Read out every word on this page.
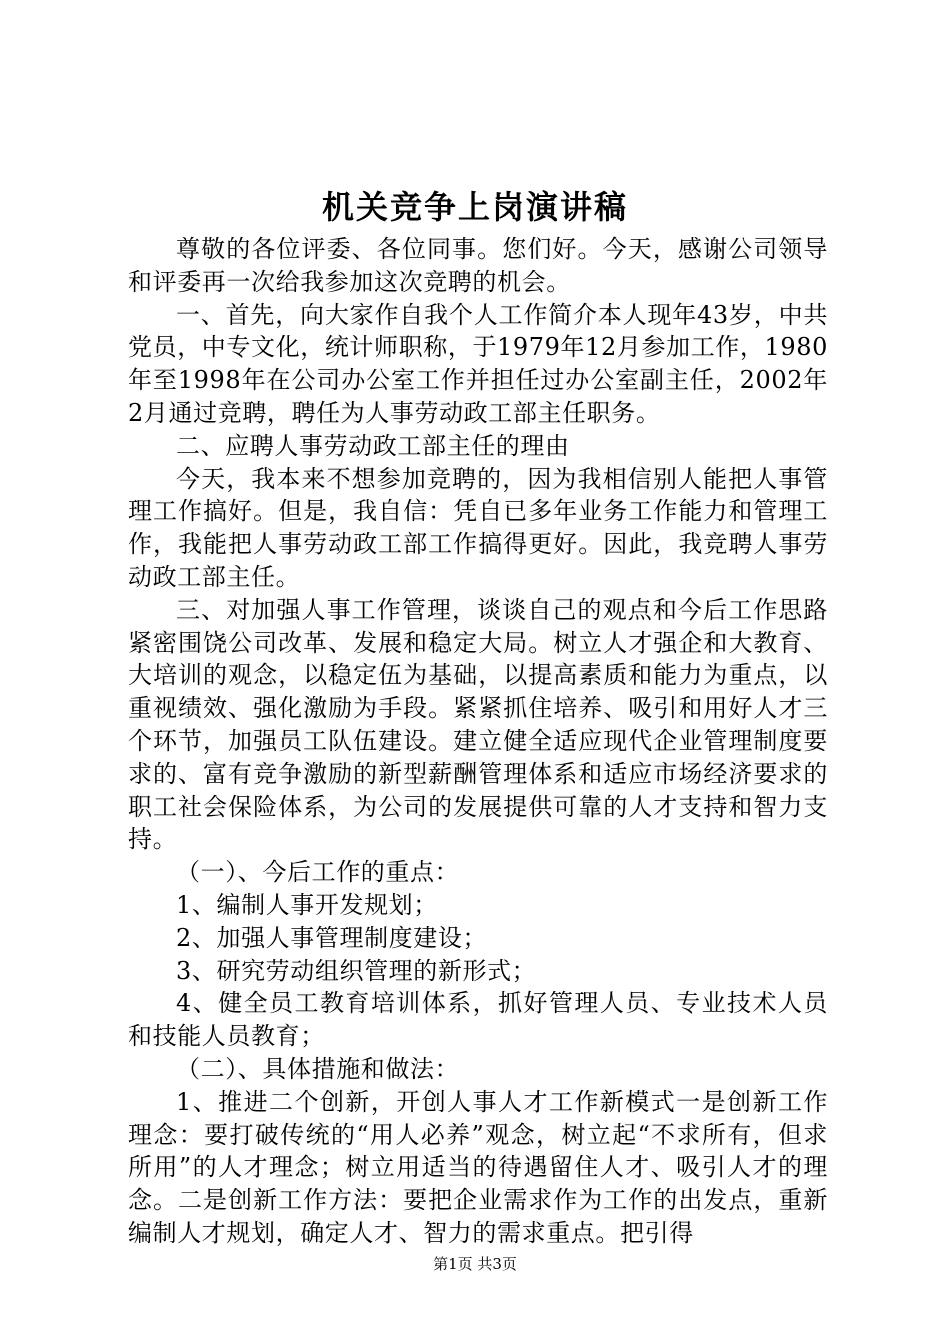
机关竞争上岗演讲稿

尊敬的各位评委、各位同事。您们好。今天，感谢公司领导和评委再一次给我参加这次竞聘的机会。

一、首先，向大家作自我个人工作简介本人现年43岁，中共党员，中专文化，统计师职称，于1979年12月参加工作，1980年至1998年在公司办公室工作并担任过办公室副主任，2002年2月通过竞聘，聘任为人事劳动政工部主任职务。

二、应聘人事劳动政工部主任的理由

今天，我本来不想参加竞聘的，因为我相信别人能把人事管理工作搞好。但是，我自信：凭自已多年业务工作能力和管理工作，我能把人事劳动政工部工作搞得更好。因此，我竞聘人事劳动政工部主任。

三、对加强人事工作管理，谈谈自己的观点和今后工作思路紧密围饶公司改革、发展和稳定大局。树立人才强企和大教育、大培训的观念，以稳定伍为基础，以提高素质和能力为重点，以重视绩效、强化激励为手段。紧紧抓住培养、吸引和用好人才三个环节，加强员工队伍建设。建立健全适应现代企业管理制度要求的、富有竞争激励的新型薪酬管理体系和适应市场经济要求的职工社会保险体系，为公司的发展提供可靠的人才支持和智力支持。

（一）、今后工作的重点：

1、编制人事开发规划；

2、加强人事管理制度建设；

3、研究劳动组织管理的新形式；

4、健全员工教育培训体系，抓好管理人员、专业技术人员和技能人员教育；

（二）、具体措施和做法：

1、推进二个创新，开创人事人才工作新模式一是创新工作理念：要打破传统的“用人必养”观念，树立起“不求所有，但求所用”的人才理念；树立用适当的待遇留住人才、吸引人才的理念。二是创新工作方法：要把企业需求作为工作的出发点，重新编制人才规划，确定人才、智力的需求重点。把引得

第1页 共3页
